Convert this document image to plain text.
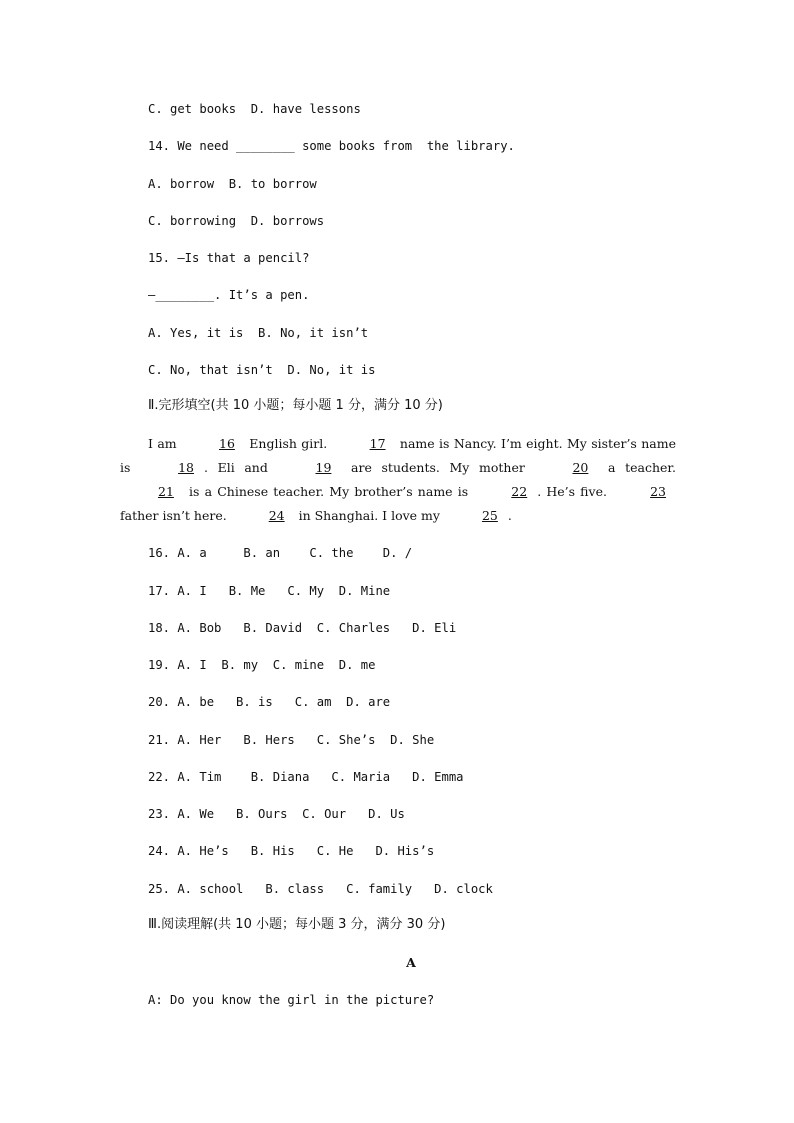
C. get books  D. have lessons
14. We need ________ some books from  the library.
A. borrow  B. to borrow
C. borrowing  D. borrows
15. —Is that a pencil?
—________. It’s a pen.
A. Yes, it is  B. No, it isn’t
C. No, that isn’t  D. No, it is
Ⅱ.完形填空(共 10 小题；每小题 1 分，满分 10 分)
I am	16 English girl.	17 name is Nancy. I’m eight. My sister’s name is	18 . Eli and	19 are students. My mother	20 a teacher. 21 is a Chinese teacher. My brother’s name is	22 . He’s five.	23 father isn’t here.	24 in Shanghai. I love my	25 .
16. A. a     B. an    C. the    D. /
17. A. I   B. Me   C. My  D. Mine
18. A. Bob   B. David  C. Charles   D. Eli
19. A. I  B. my  C. mine  D. me
20. A. be   B. is   C. am  D. are
21. A. Her   B. Hers   C. She’s  D. She
22. A. Tim    B. Diana   C. Maria   D. Emma
23. A. We   B. Ours  C. Our   D. Us
24. A. He’s   B. His   C. He   D. His’s
25. A. school   B. class   C. family   D. clock
Ⅲ.阅读理解(共 10 小题；每小题 3 分，满分 30 分)
A
A: Do you know the girl in the picture?
